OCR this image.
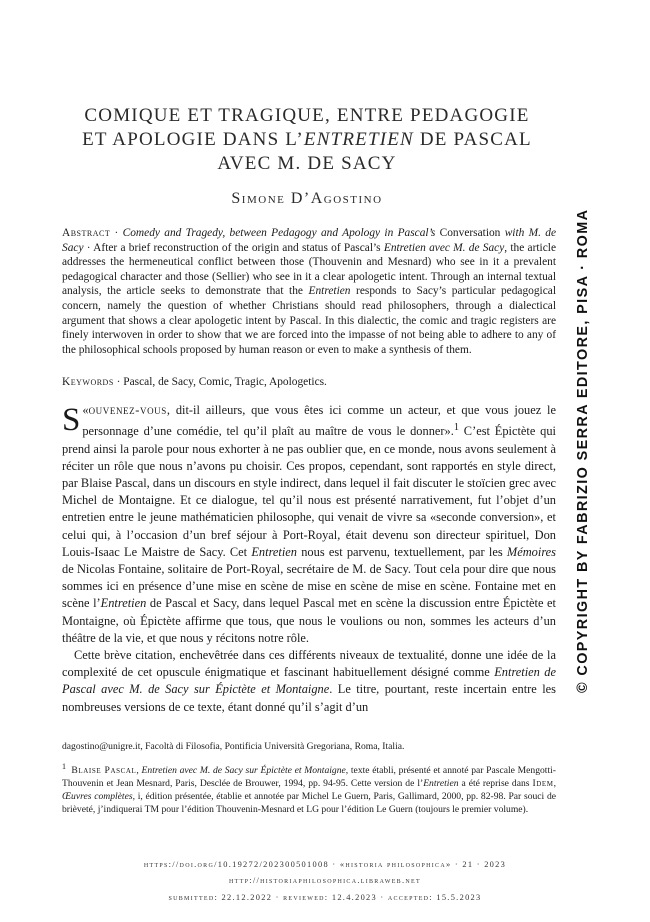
COMIQUE ET TRAGIQUE, ENTRE PEDAGOGIE
ET APOLOGIE DANS L’ENTRETIEN DE PASCAL
AVEC M. DE SACY
Simone D’Agostino
Abstract · Comedy and Tragedy, between Pedagogy and Apology in Pascal’s Conversation with M. de Sacy · After a brief reconstruction of the origin and status of Pascal’s Entretien avec M. de Sacy, the article addresses the hermeneutical conflict between those (Thouvenin and Mesnard) who see in it a prevalent pedagogical character and those (Sellier) who see in it a clear apologetic intent. Through an internal textual analysis, the article seeks to demonstrate that the Entretien responds to Sacy’s particular pedagogical concern, namely the question of whether Christians should read philosophers, through a dialectical argument that shows a clear apologetic intent by Pascal. In this dialectic, the comic and tragic registers are finely interwoven in order to show that we are forced into the impasse of not being able to adhere to any of the philosophical schools proposed by human reason or even to make a synthesis of them.
Keywords · Pascal, de Sacy, Comic, Tragic, Apologetics.

«
S ouvenez-vous, dit-il ailleurs, que vous êtes ici comme un acteur, et que vous jouez le personnage d’une comédie, tel qu’il plaît au maître de vous le donner».$^1$ C’est Épictète qui prend ainsi la parole pour nous exhorter à ne pas oublier que, en ce monde, nous avons seulement à réciter un rôle que nous n’avons pu choisir. Ces propos, cependant, sont rapportés en style direct, par Blaise Pascal, dans un discours en style indirect, dans lequel il fait discuter le stoïcien grec avec Michel de Montaigne. Et ce dialogue, tel qu’il nous est présenté narrativement, fut l’objet d’un entretien entre le jeune mathématicien philosophe, qui venait de vivre sa «seconde conversion», et celui qui, à l’occasion d’un bref séjour à Port-Royal, était devenu son directeur spirituel, Don Louis-Isaac Le Maistre de Sacy. Cet Entretien nous est parvenu, textuellement, par les Mémoires de Nicolas Fontaine, solitaire de Port-Royal, secrétaire de M. de Sacy. Tout cela pour dire que nous sommes ici en présence d’une mise en scène de mise en scène de mise en scène. Fontaine met en scène l’Entretien de Pascal et Sacy, dans lequel Pascal met en scène la discussion entre Épictète et Montaigne, où Épictète affirme que tous, que nous le voulions ou non, sommes les acteurs d’un théâtre de la vie, et que nous y récitons notre rôle.

Cette brève citation, enchevêtrée dans ces différents niveaux de textualité, donne une idée de la complexité de cet opuscule énigmatique et fascinant habituellement désigné comme Entretien de Pascal avec M. de Sacy sur Épictète et Montaigne. Le titre, pourtant, reste incertain entre les nombreuses versions de ce texte, étant donné qu’il s’agit d’un

dagostino@unigre.it, Facoltà di Filosofia, Pontificia Università Gregoriana, Roma, Italia.
$^1$ Blaise Pascal, Entretien avec M. de Sacy sur Épictète et Montaigne, texte établi, présenté et annoté par Pascale Mengotti-Thouvenin et Jean Mesnard, Paris, Desclée de Brouwer, 1994, pp. 94-95. Cette version de l’Entretien a été reprise dans Idem, Œuvres complètes, i, édition présentée, établie et annotée par Michel Le Guern, Paris, Gallimard, 2000, pp. 82-98. Par souci de brièveté, j’indiquerai TM pour l’édition Thouvenin-Mesnard et LG pour l’édition Le Guern (toujours le premier volume).
https://doi.org/10.19272/202300501008 · «historia philosophica» · 21 · 2023
http://historiaphilosophica.libraweb.net
submitted: 22.12.2022 · reviewed: 12.4.2023 · accepted: 15.5.2023
© COPYRIGHT BY FABRIZIO SERRA EDITORE, PISA · ROMA
